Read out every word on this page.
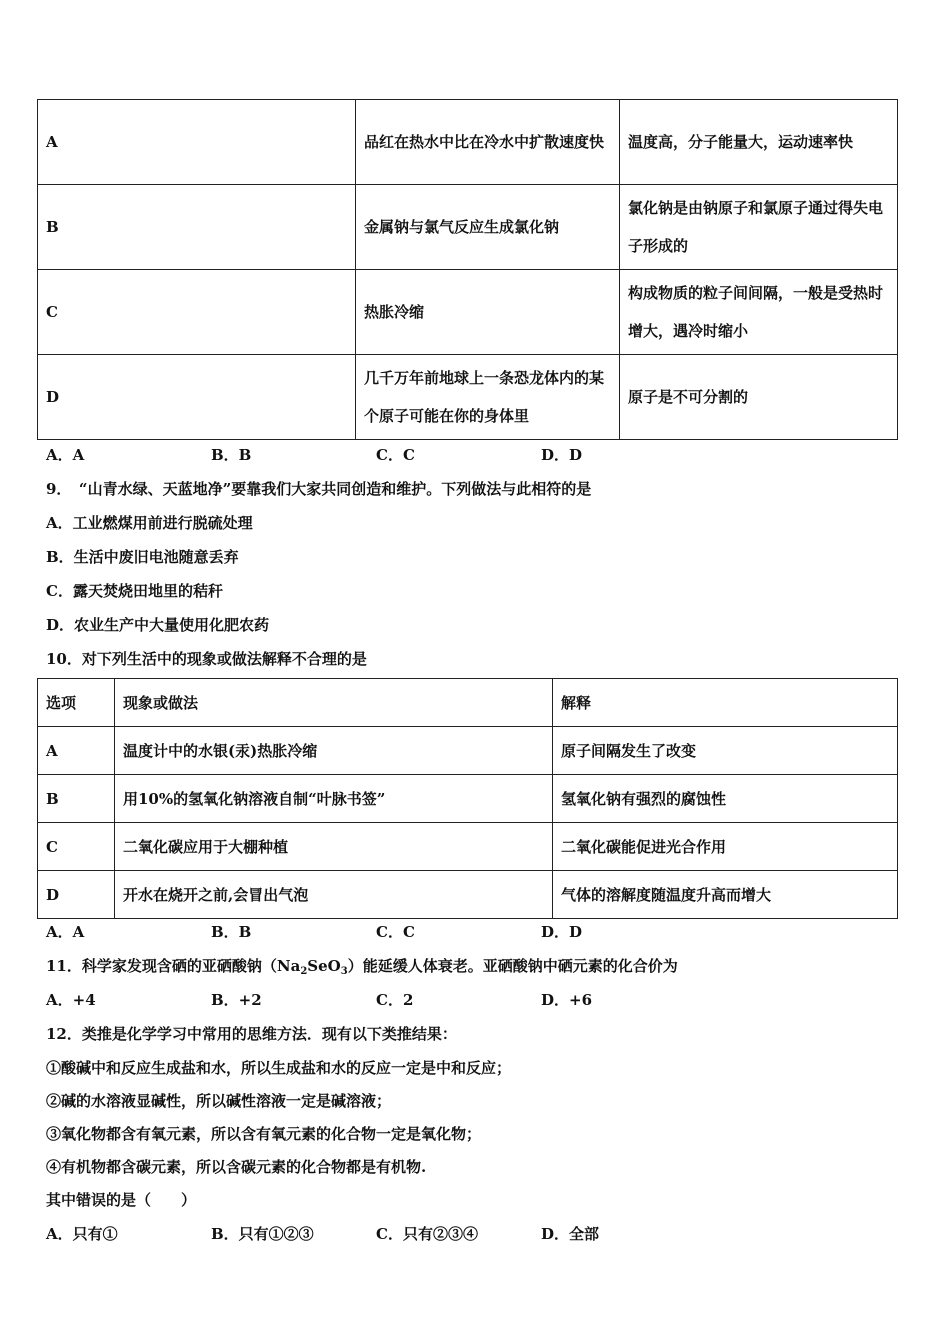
A	品红在热水中比在冷水中扩散速度快	温度高，分子能量大，运动速率快
B	金属钠与氯气反应生成氯化钠	氯化钠是由钠原子和氯原子通过得失电子形成的
C	热胀冷缩	构成物质的粒子间间隔，一般是受热时增大，遇冷时缩小
D	几千万年前地球上一条恐龙体内的某个原子可能在你的身体里	原子是不可分割的
A．A	B．B	C．C	D．D
9．　“山青水绿、天蓝地净”要靠我们大家共同创造和维护。下列做法与此相符的是
A．工业燃煤用前进行脱硫处理
B．生活中废旧电池随意丢弃
C．露天焚烧田地里的秸秆
D．农业生产中大量使用化肥农药
10．对下列生活中的现象或做法解释不合理的是
选项	现象或做法	解释
A	温度计中的水银(汞)热胀冷缩	原子间隔发生了改变
B	用10%的氢氧化钠溶液自制“叶脉书签”	氢氧化钠有强烈的腐蚀性
C	二氧化碳应用于大棚种植	二氧化碳能促进光合作用
D	开水在烧开之前,会冒出气泡	气体的溶解度随温度升高而增大
A．A	B．B	C．C	D．D
11．科学家发现含硒的亚硒酸钠$(Na_2SeO_3)$能延缓人体衰老。亚硒酸钠中硒元素的化合价为
A．+4	B．+2	C．2	D．+6
12．类推是化学学习中常用的思维方法．现有以下类推结果：
①酸碱中和反应生成盐和水，所以生成盐和水的反应一定是中和反应；
②碱的水溶液显碱性，所以碱性溶液一定是碱溶液；
③氧化物都含有氧元素，所以含有氧元素的化合物一定是氧化物；
④有机物都含碳元素，所以含碳元素的化合物都是有机物.
其中错误的是（　　）
A．只有①	B．只有①②③	C．只有②③④	D．全部
